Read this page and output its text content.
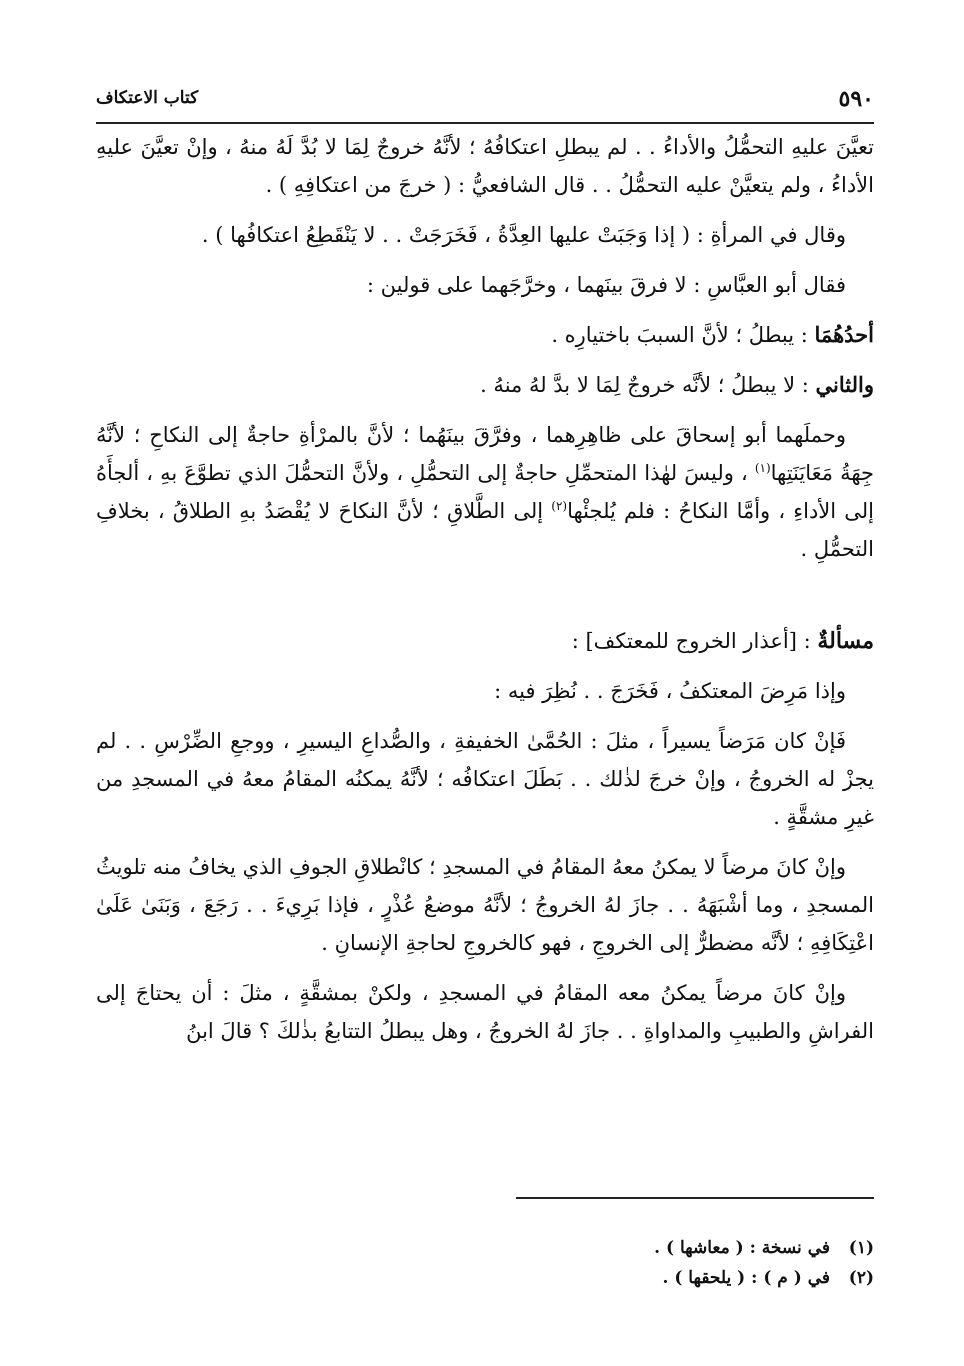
٥٩٠
كتاب الاعتكاف

تعيَّنَ عليهِ التحمُّلُ والأداءُ . . لم يبطلِ اعتكافُهُ ؛ لأنَّهُ خروجٌ لِمَا لا بُدَّ لَهُ منهُ ، وإنْ تعيَّنَ عليهِ الأداءُ ، ولم يتعيَّنْ عليه التحمُّلُ . . قال الشافعيُّ : ( خرجَ من اعتكافِهِ ) .

وقال في المرأةِ : ( إذا وَجَبَتْ عليها العِدَّةُ ، فَخَرَجَتْ . . لا يَنْقَطِعُ اعتكافُها ) .

فقال أبو العبَّاسِ : لا فرقَ بينَهما ، وخرَّجَهما على قولين :

أحدُهُمَا : يبطلُ ؛ لأنَّ السببَ باختيارِه .

والثاني : لا يبطلُ ؛ لأنَّه خروجٌ لِمَا لا بدَّ لهُ منهُ .

وحملَهما أبو إسحاقَ على ظاهِرِهما ، وفرَّقَ بينَهُما ؛ لأنَّ بالمرْأةِ حاجةٌ إلى النكاحِ ؛ لأنَّهُ جِهَةُ مَعَايَنَتِها$^{(١)}$ ، وليسَ لهٰذا المتحمِّلِ حاجةٌ إلى التحمُّلِ ، ولأنَّ التحمُّلَ الذي تطوَّعَ بهِ ، ألجأَهُ إلى الأداءِ ، وأمَّا النكاحُ : فلم يُلجئْها$^{(٢)}$ إلى الطَّلاقِ ؛ لأنَّ النكاحَ لا يُقْصَدُ بهِ الطلاقُ ، بخلافِ التحمُّلِ .

مسألةٌ : [أعذار الخروج للمعتكف] :

وإذا مَرِضَ المعتكفُ ، فَخَرَجَ . . نُظِرَ فيه :

فَإنْ كان مَرَضاً يسيراً ، مثلَ : الحُمَّىٰ الخفيفةِ ، والصُّداعِ اليسيرِ ، ووجعِ الضِّرْسِ . . لم يجزْ له الخروجُ ، وإنْ خرجَ لذٰلك . . بَطَلَ اعتكافُه ؛ لأنَّهُ يمكنُه المقامُ معهُ في المسجدِ من غيرِ مشقَّةٍ .

وإنْ كانَ مرضاً لا يمكنُ معهُ المقامُ في المسجدِ ؛ كانْطلاقِ الجوفِ الذي يخافُ منه تلويثُ المسجدِ ، وما أشْبَهَهُ . . جازَ لهُ الخروجُ ؛ لأنَّهُ موضعُ عُذْرٍ ، فإذا بَرِيءَ . . رَجَعَ ، وَبَنَىٰ عَلَىٰ اعْتِكَافِهِ ؛ لأنَّه مضطرٌّ إلى الخروجِ ، فهو كالخروجِ لحاجةِ الإنسانِ .

وإنْ كانَ مرضاً يمكنُ معه المقامُ في المسجدِ ، ولكنْ بمشقَّةٍ ، مثلَ : أن يحتاجَ إلى الفراشِ والطبيبِ والمداواةِ . . جازَ لهُ الخروجُ ، وهل يبطلُ التتابعُ بذٰلكَ ؟ قالَ ابنُ

(١)في نسخة : ( معاشها ) .

(٢)في ( م ) : ( يلحقها ) .
